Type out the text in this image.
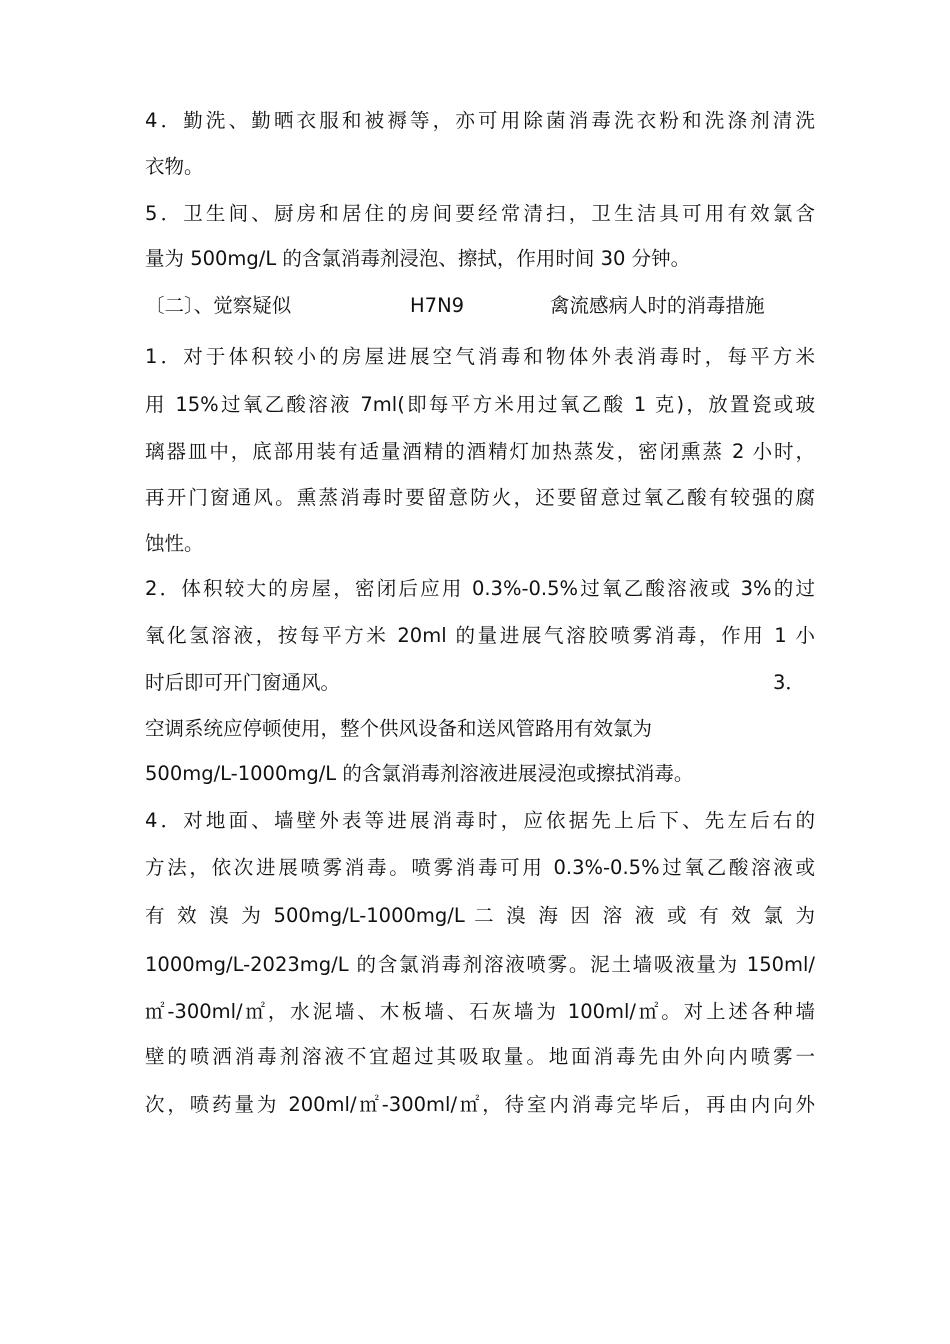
4．勤洗、勤晒衣服和被褥等，亦可用除菌消毒洗衣粉和洗涤剂清洗
衣物。
5．卫生间、厨房和居住的房间要经常清扫，卫生洁具可用有效氯含
量为 500mg/L 的含氯消毒剂浸泡、擦拭，作用时间 30 分钟。
〔二〕、觉察疑似	H7N9	禽流感病人时的消毒措施
1．对于体积较小的房屋进展空气消毒和物体外表消毒时，每平方米
用 15%过氧乙酸溶液 7ml(即每平方米用过氧乙酸 1 克)，放置瓷或玻
璃器皿中，底部用装有适量酒精的酒精灯加热蒸发，密闭熏蒸 2 小时，
再开门窗通风。熏蒸消毒时要留意防火，还要留意过氧乙酸有较强的腐
蚀性。
2．体积较大的房屋，密闭后应用 0.3%-0.5%过氧乙酸溶液或 3%的过
氧化氢溶液，按每平方米 20ml 的量进展气溶胶喷雾消毒，作用 1 小
时后即可开门窗通风。	3．
空调系统应停顿使用，整个供风设备和送风管路用有效氯为
500mg/L-1000mg/L 的含氯消毒剂溶液进展浸泡或擦拭消毒。
4．对地面、墙壁外表等进展消毒时，应依据先上后下、先左后右的
方法，依次进展喷雾消毒。喷雾消毒可用 0.3%-0.5%过氧乙酸溶液或
有 效 溴 为 500mg/L-1000mg/L 二 溴 海 因 溶 液 或 有 效 氯 为
1000mg/L-2023mg/L 的含氯消毒剂溶液喷雾。泥土墙吸液量为 150ml/
㎡-300ml/㎡，水泥墙、木板墙、石灰墙为 100ml/㎡。对上述各种墙
壁的喷洒消毒剂溶液不宜超过其吸取量。地面消毒先由外向内喷雾一
次，喷药量为 200ml/㎡-300ml/㎡，待室内消毒完毕后，再由内向外
